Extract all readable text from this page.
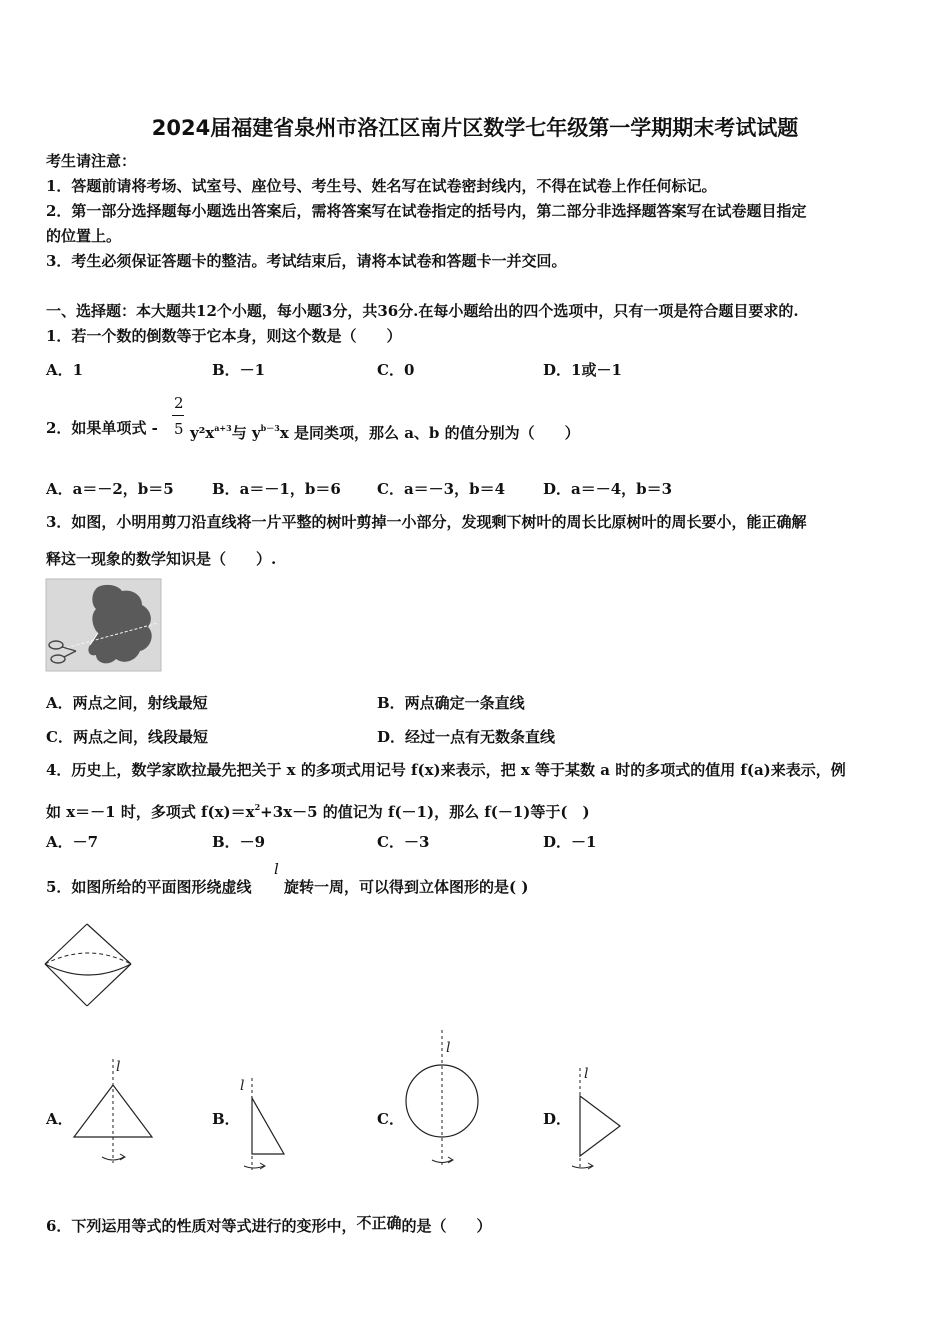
2024届福建省泉州市洛江区南片区数学七年级第一学期期末考试试题
考生请注意：
1．答题前请将考场、试室号、座位号、考生号、姓名写在试卷密封线内，不得在试卷上作任何标记。
2．第一部分选择题每小题选出答案后，需将答案写在试卷指定的括号内，第二部分非选择题答案写在试卷题目指定
的位置上。
3．考生必须保证答题卡的整洁。考试结束后，请将本试卷和答题卡一并交回。
一、选择题：本大题共12个小题，每小题3分，共36分.在每小题给出的四个选项中，只有一项是符合题目要求的.
1．若一个数的倒数等于它本身，则这个数是（　　）
A．1	B．－1	C．0	D．1或－1
2．如果单项式 -
2
5 $y^2x^{a+3}$与 $y^{b-3}x$ 是同类项，那么 a、b 的值分别为（　　）
A．a＝－2，b＝5	B．a＝－1，b＝6 C．a＝－3，b＝4	D．a＝－4，b＝3
3．如图，小明用剪刀沿直线将一片平整的树叶剪掉一小部分，发现剩下树叶的周长比原树叶的周长要小，能正确解
释这一现象的数学知识是（　　）.
A．两点之间，射线最短	B．两点确定一条直线
C．两点之间，线段最短	D．经过一点有无数条直线
4．历史上，数学家欧拉最先把关于 x 的多项式用记号 f(x)来表示，把 x 等于某数 a 时的多项式的值用 f(a)来表示，例
如 x＝－1 时，多项式 $f(x)=x^2+3x-5$ 的值记为 f(－1)，那么 f(－1)等于(　)
A．－7	B．－9	C．－3	D．－1
5．如图所给的平面图形绕虚线
l
旋转一周，可以得到立体图形的是( )
A．
l
B．
l
C．
l
D．
l
6．下列运用等式的性质对等式进行的变形中，不正确的是（　　）
